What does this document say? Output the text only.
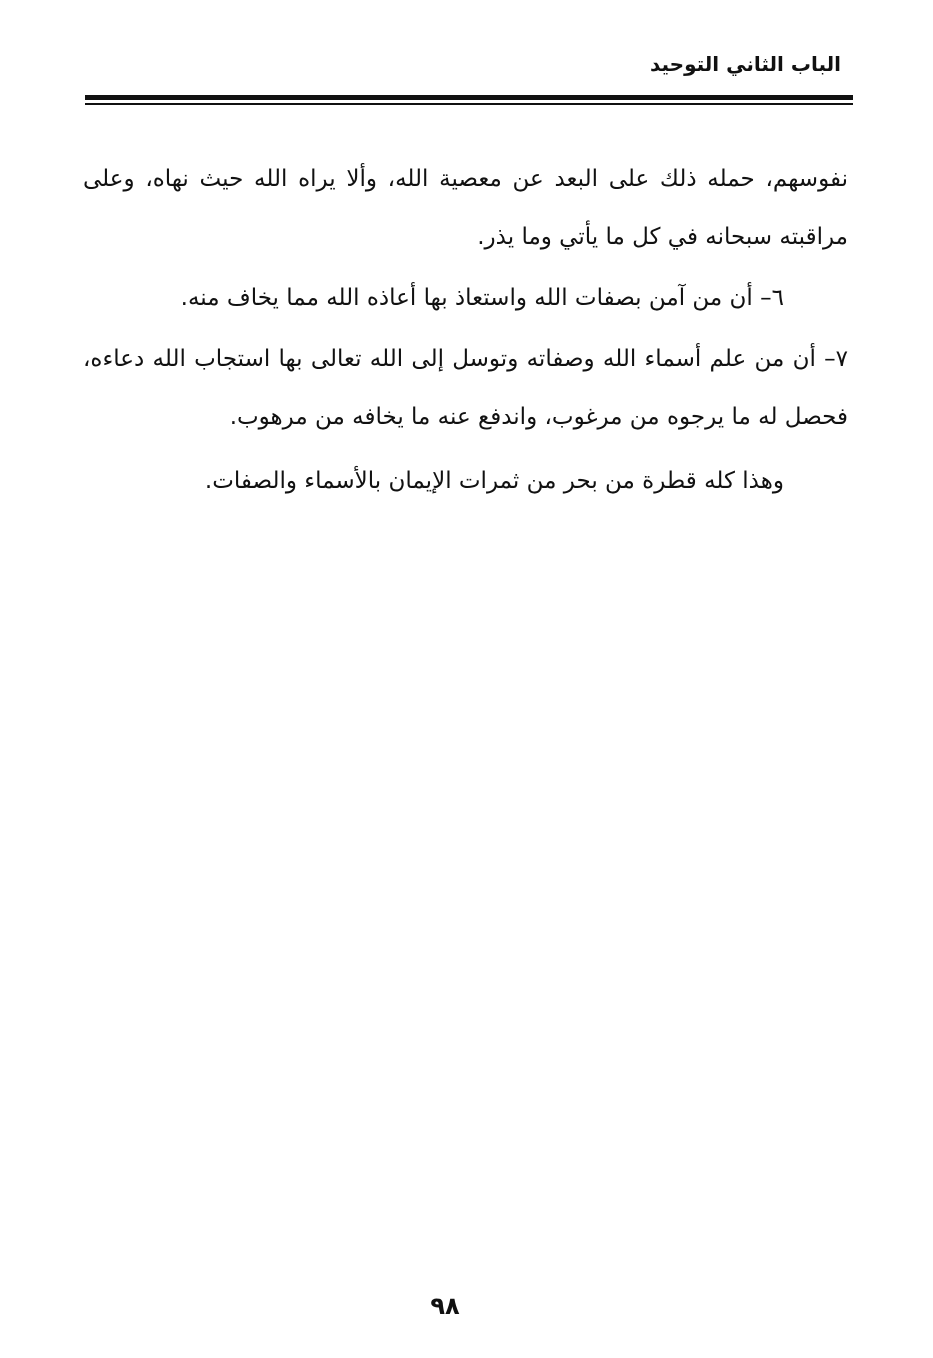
الباب الثاني التوحيد

نفوسهم، حمله ذلك على البعد عن معصية الله، وألا يراه الله حيث نهاه، وعلى مراقبته سبحانه في كل ما يأتي وما يذر.

٦– أن من آمن بصفات الله واستعاذ بها أعاذه الله مما يخاف منه.

٧– أن من علم أسماء الله وصفاته وتوسل إلى الله تعالى بها استجاب الله دعاءه، فحصل له ما يرجوه من مرغوب، واندفع عنه ما يخافه من مرهوب.

وهذا كله قطرة من بحر من ثمرات الإيمان بالأسماء والصفات.

٩٨
